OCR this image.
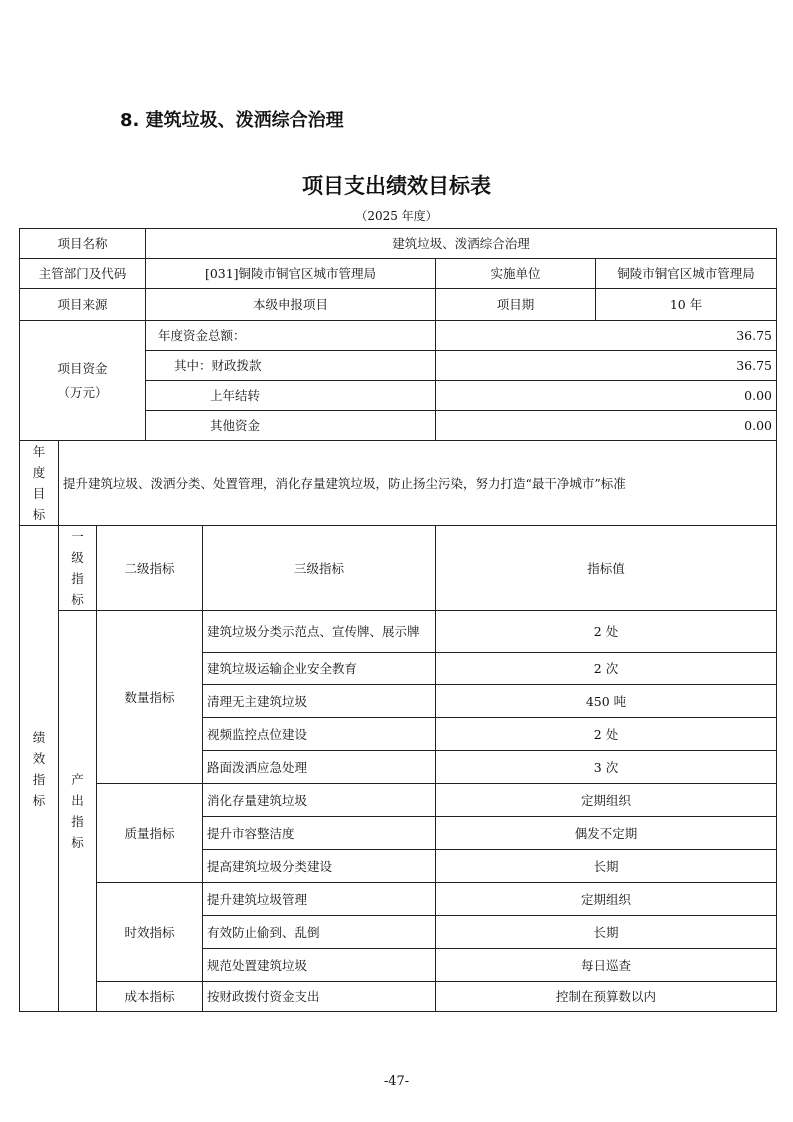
8. 建筑垃圾、泼洒综合治理
项目支出绩效目标表
（2025 年度）
项目名称			建筑垃圾、泼洒综合治理			
主管部门及代码			[031]铜陵市铜官区城市管理局		实施单位	铜陵市铜官区城市管理局
项目来源			本级申报项目		项目期	10 年
项目资金（万元）			年度资金总额：		36.75	
			其中：财政拨款		36.75	
			上年结转		0.00	
			其他资金		0.00	
年度目标	提升建筑垃圾、泼洒分类、处置管理，消化存量建筑垃圾，防止扬尘污染，努力打造“最干净城市”标准					
绩效指标	一级指标	二级指标		三级指标	指标值	
	产出指标	数量指标		建筑垃圾分类示范点、宣传牌、展示牌	2 处	
				建筑垃圾运输企业安全教育	2 次	
				清理无主建筑垃圾	450 吨	
				视频监控点位建设	2 处	
				路面泼洒应急处理	3 次	
		质量指标		消化存量建筑垃圾	定期组织	
				提升市容整洁度	偶发不定期	
				提高建筑垃圾分类建设	长期	
		时效指标		提升建筑垃圾管理	定期组织	
				有效防止偷到、乱倒	长期	
				规范处置建筑垃圾	每日巡查	
		成本指标		按财政拨付资金支出	控制在预算数以内	
-47-
